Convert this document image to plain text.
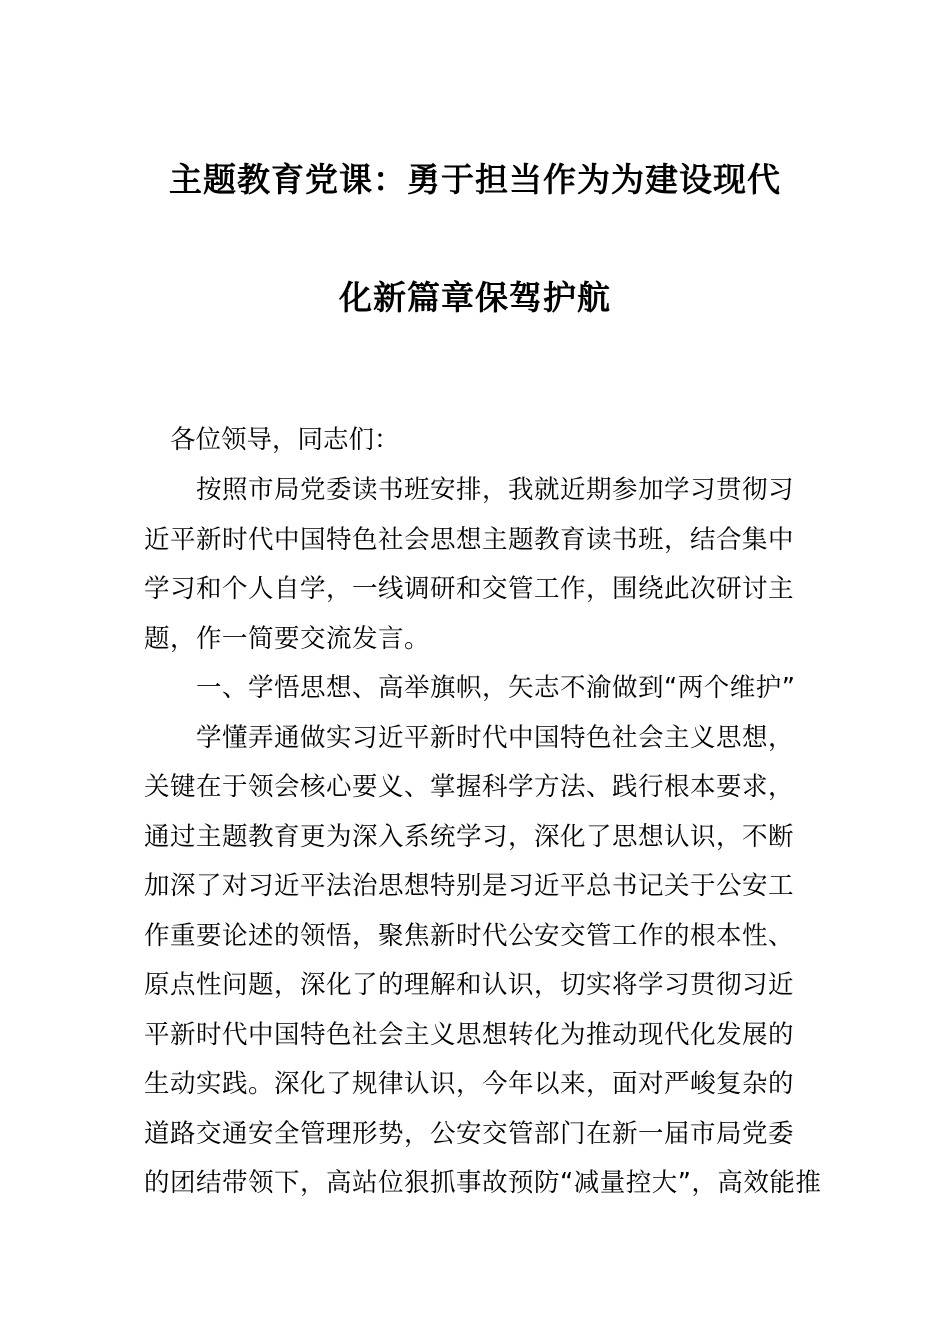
主题教育党课：勇于担当作为为建设现代
化新篇章保驾护航
各位领导，同志们：
按照市局党委读书班安排，我就近期参加学习贯彻习
近平新时代中国特色社会思想主题教育读书班，结合集中
学习和个人自学，一线调研和交管工作，围绕此次研讨主
题，作一简要交流发言。
一、学悟思想、高举旗帜，矢志不渝做到“两个维护”
学懂弄通做实习近平新时代中国特色社会主义思想，
关键在于领会核心要义、掌握科学方法、践行根本要求，
通过主题教育更为深入系统学习，深化了思想认识，不断
加深了对习近平法治思想特别是习近平总书记关于公安工
作重要论述的领悟，聚焦新时代公安交管工作的根本性、
原点性问题，深化了的理解和认识，切实将学习贯彻习近
平新时代中国特色社会主义思想转化为推动现代化发展的
生动实践。深化了规律认识，今年以来，面对严峻复杂的
道路交通安全管理形势，公安交管部门在新一届市局党委
的团结带领下，高站位狠抓事故预防“减量控大”，高效能推
